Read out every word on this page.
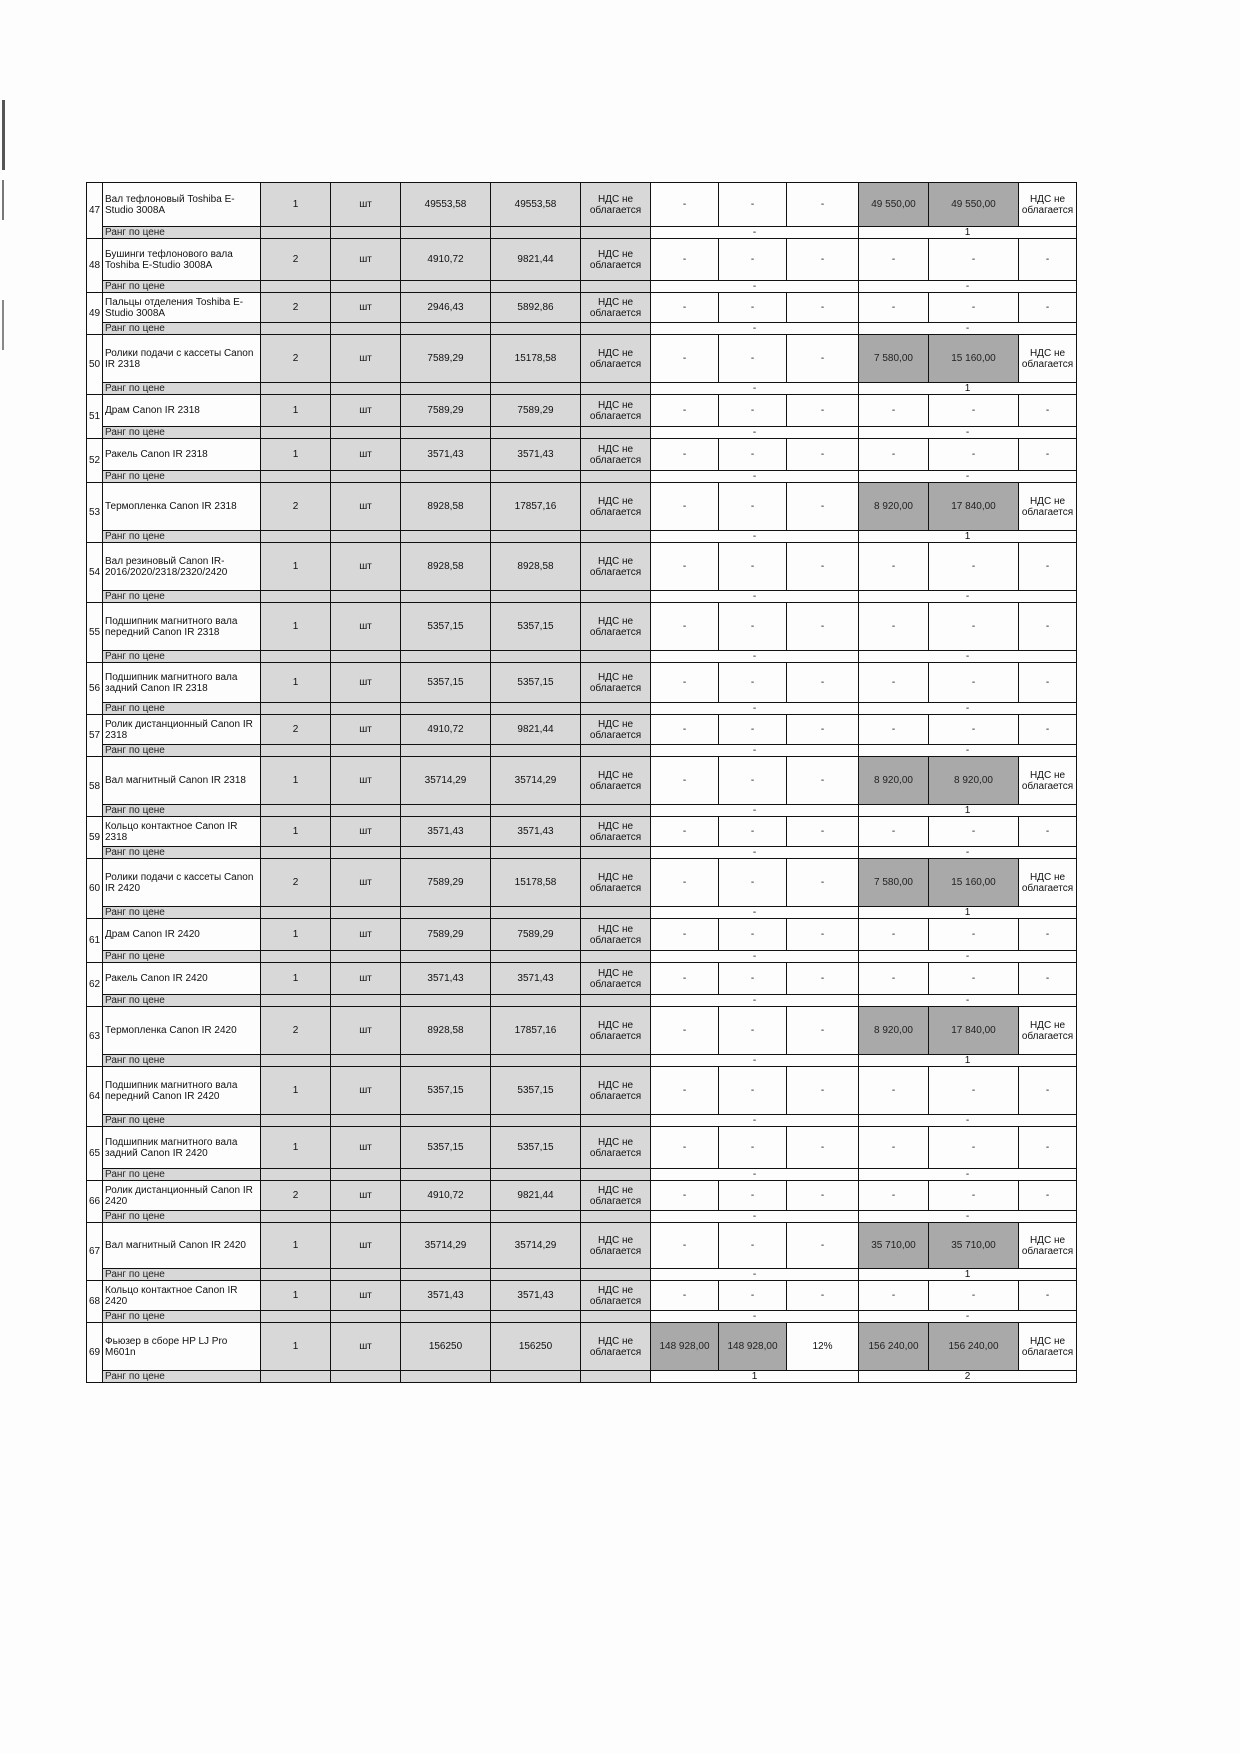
47	Вал тефлоновый Toshiba E-Studio 3008A	1	шт	49553,58	49553,58	НДС не облагается	-	-	-	49 550,00	49 550,00	НДС не облагается
	Ранг по цене						-			1		
48	Бушинги тефлонового вала Toshiba E-Studio 3008A	2	шт	4910,72	9821,44	НДС не облагается	-	-	-	-	-	-
	Ранг по цене						-			-		
49	Пальцы отделения Toshiba E-Studio 3008A	2	шт	2946,43	5892,86	НДС не облагается	-	-	-	-	-	-
	Ранг по цене						-			-		
50	Ролики подачи с кассеты Canon IR 2318	2	шт	7589,29	15178,58	НДС не облагается	-	-	-	7 580,00	15 160,00	НДС не облагается
	Ранг по цене						-			1		
51	Драм Canon IR 2318	1	шт	7589,29	7589,29	НДС не облагается	-	-	-	-	-	-
	Ранг по цене						-			-		
52	Ракель Canon IR 2318	1	шт	3571,43	3571,43	НДС не облагается	-	-	-	-	-	-
	Ранг по цене						-			-		
53	Термопленка Canon IR 2318	2	шт	8928,58	17857,16	НДС не облагается	-	-	-	8 920,00	17 840,00	НДС не облагается
	Ранг по цене						-			1		
54	Вал резиновый Canon IR-2016/2020/2318/2320/2420	1	шт	8928,58	8928,58	НДС не облагается	-	-	-	-	-	-
	Ранг по цене						-			-		
55	Подшипник магнитного вала передний Canon IR 2318	1	шт	5357,15	5357,15	НДС не облагается	-	-	-	-	-	-
	Ранг по цене						-			-		
56	Подшипник магнитного вала задний Canon IR 2318	1	шт	5357,15	5357,15	НДС не облагается	-	-	-	-	-	-
	Ранг по цене						-			-		
57	Ролик дистанционный Canon IR 2318	2	шт	4910,72	9821,44	НДС не облагается	-	-	-	-	-	-
	Ранг по цене						-			-		
58	Вал магнитный Canon IR 2318	1	шт	35714,29	35714,29	НДС не облагается	-	-	-	8 920,00	8 920,00	НДС не облагается
	Ранг по цене						-			1		
59	Кольцо контактное Canon IR 2318	1	шт	3571,43	3571,43	НДС не облагается	-	-	-	-	-	-
	Ранг по цене						-			-		
60	Ролики подачи с кассеты Canon IR 2420	2	шт	7589,29	15178,58	НДС не облагается	-	-	-	7 580,00	15 160,00	НДС не облагается
	Ранг по цене						-			1		
61	Драм Canon IR 2420	1	шт	7589,29	7589,29	НДС не облагается	-	-	-	-	-	-
	Ранг по цене						-			-		
62	Ракель Canon IR 2420	1	шт	3571,43	3571,43	НДС не облагается	-	-	-	-	-	-
	Ранг по цене						-			-		
63	Термопленка Canon IR 2420	2	шт	8928,58	17857,16	НДС не облагается	-	-	-	8 920,00	17 840,00	НДС не облагается
	Ранг по цене						-			1		
64	Подшипник магнитного вала передний Canon IR 2420	1	шт	5357,15	5357,15	НДС не облагается	-	-	-	-	-	-
	Ранг по цене						-			-		
65	Подшипник магнитного вала задний Canon IR 2420	1	шт	5357,15	5357,15	НДС не облагается	-	-	-	-	-	-
	Ранг по цене						-			-		
66	Ролик дистанционный Canon IR 2420	2	шт	4910,72	9821,44	НДС не облагается	-	-	-	-	-	-
	Ранг по цене						-			-		
67	Вал магнитный Canon IR 2420	1	шт	35714,29	35714,29	НДС не облагается	-	-	-	35 710,00	35 710,00	НДС не облагается
	Ранг по цене						-			1		
68	Кольцо контактное Canon IR 2420	1	шт	3571,43	3571,43	НДС не облагается	-	-	-	-	-	-
	Ранг по цене						-			-		
69	Фьюзер в сборе HP LJ Pro M601n	1	шт	156250	156250	НДС не облагается	148 928,00	148 928,00	12%	156 240,00	156 240,00	НДС не облагается
	Ранг по цене						1			2		
